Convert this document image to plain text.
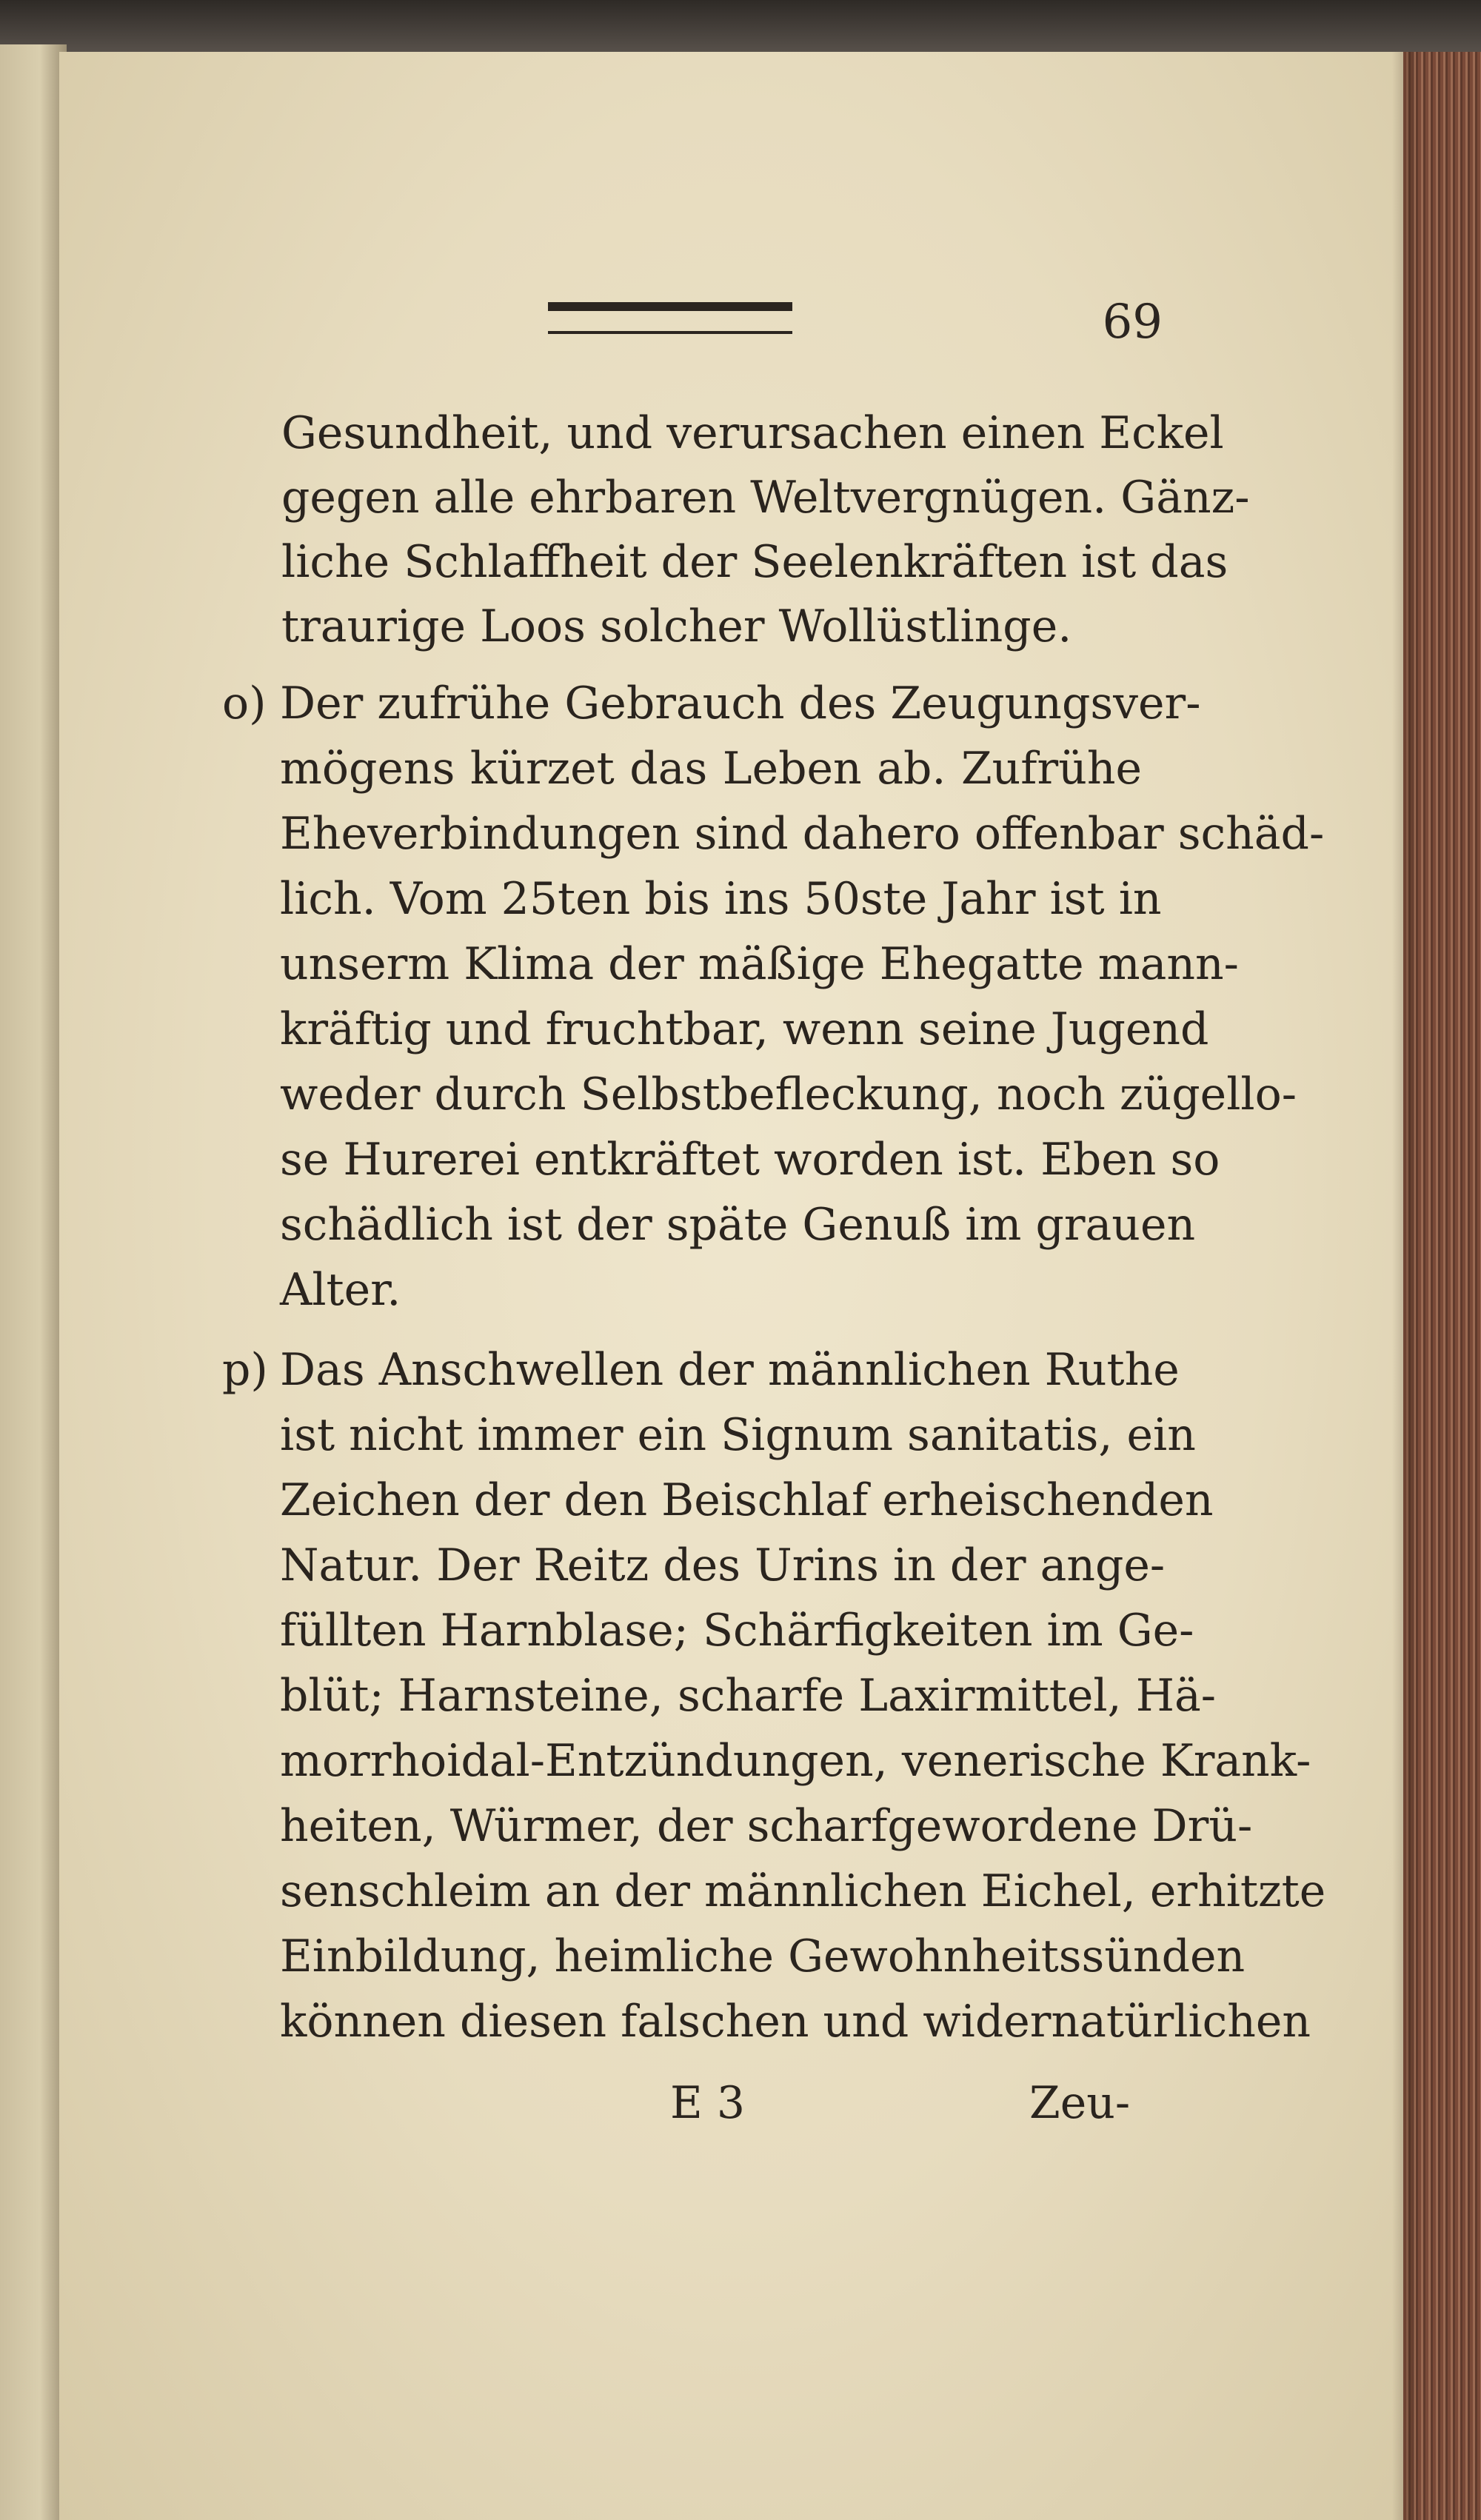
69
Gesundheit, und verursachen einen Eckel
gegen alle ehrbaren Weltvergnügen. Gänz-
liche Schlaffheit der Seelenkräften ist das
traurige Loos solcher Wollüstlinge.
o) Der zufrühe Gebrauch des Zeugungsver-
mögens kürzet das Leben ab. Zufrühe
Eheverbindungen sind dahero offenbar schäd-
lich. Vom 25ten bis ins 50ste Jahr ist in
unserm Klima der mäßige Ehegatte mann-
kräftig und fruchtbar, wenn seine Jugend
weder durch Selbstbefleckung, noch zügello-
se Hurerei entkräftet worden ist. Eben so
schädlich ist der späte Genuß im grauen
Alter.
p) Das Anschwellen der männlichen Ruthe
ist nicht immer ein Signum sanitatis, ein
Zeichen der den Beischlaf erheischenden
Natur. Der Reitz des Urins in der ange-
füllten Harnblase; Schärfigkeiten im Ge-
blüt; Harnsteine, scharfe Laxirmittel, Hä-
morrhoidal-Entzündungen, venerische Krank-
heiten, Würmer, der scharfgewordene Drü-
senschleim an der männlichen Eichel, erhitzte
Einbildung, heimliche Gewohnheitssünden
können diesen falschen und widernatürlichen
E 3	Zeu-
